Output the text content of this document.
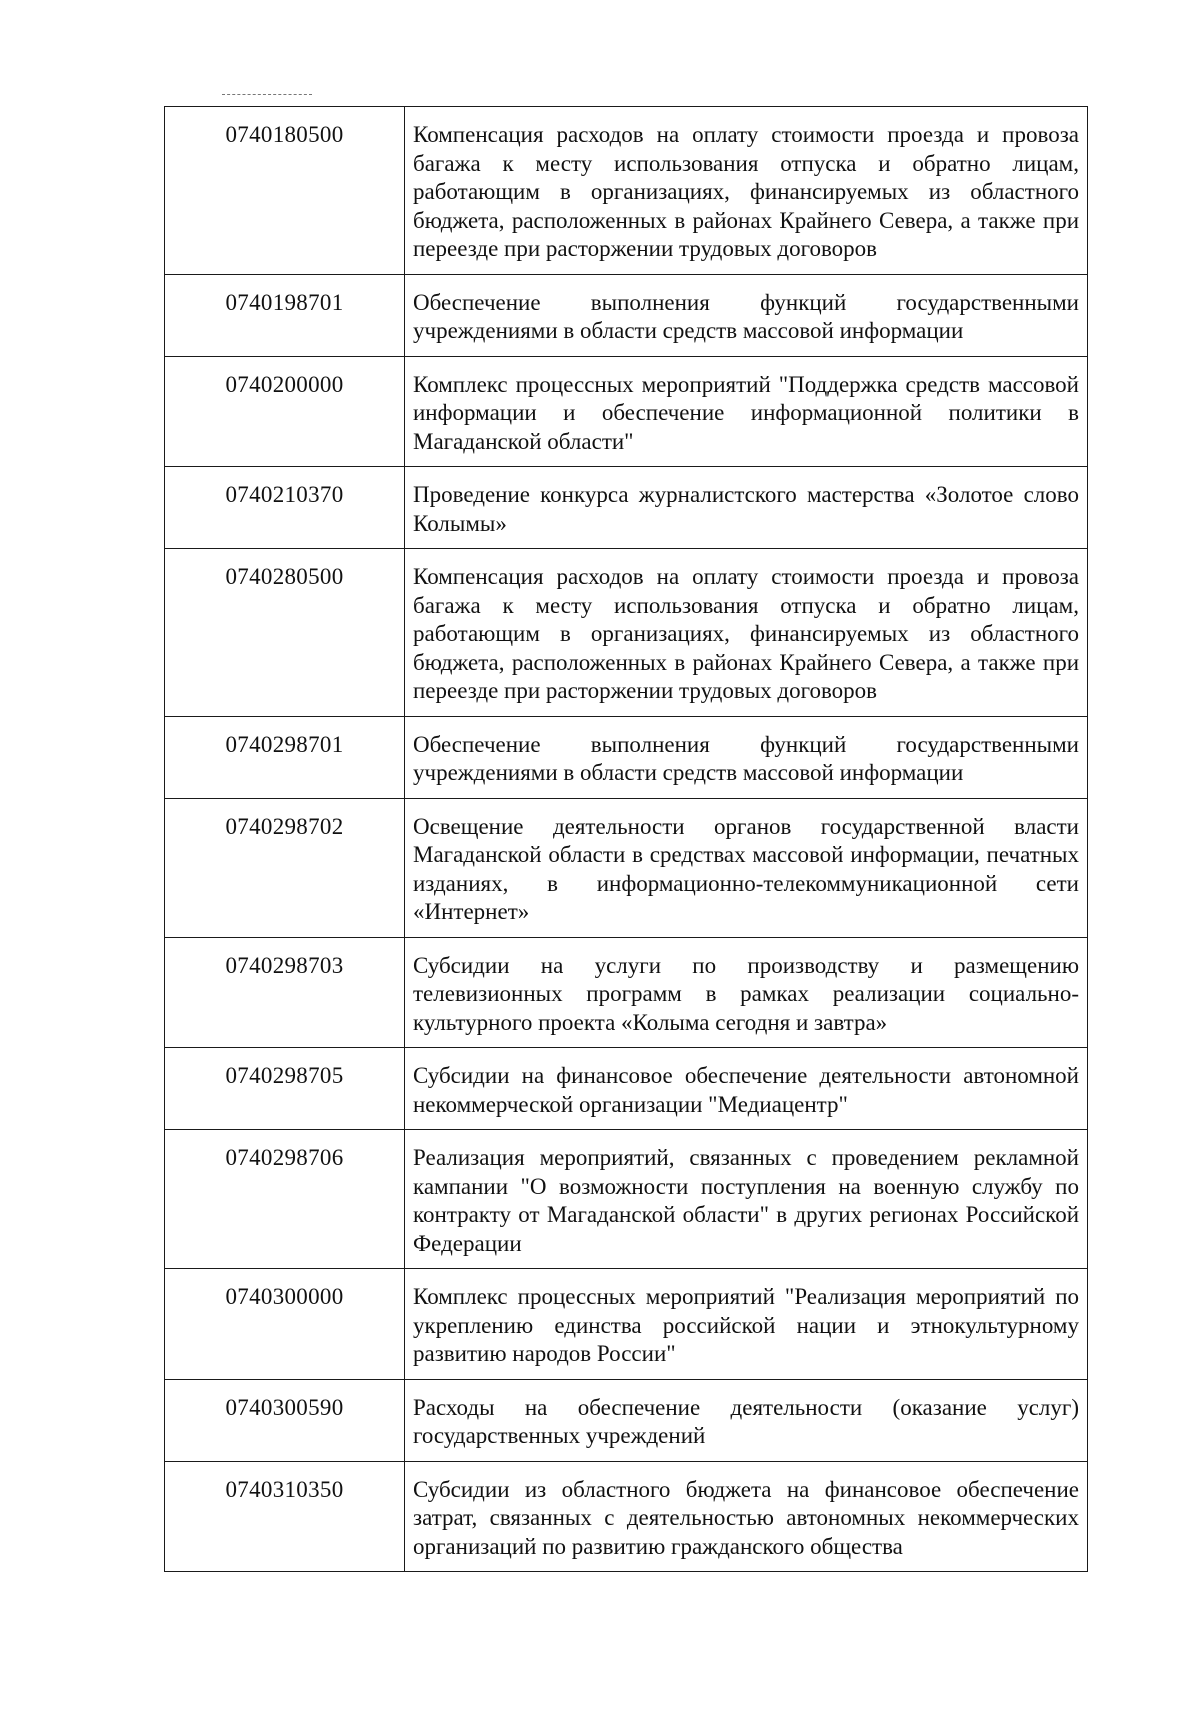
0740180500	Компенсация расходов на оплату стоимости проезда и провоза багажа к месту использования отпуска и обратно лицам, работающим в организациях, финансируемых из областного бюджета, расположенных в районах Крайнего Севера, а также при переезде при расторжении трудовых договоров
0740198701	Обеспечение выполнения функций государственными учреждениями в области средств массовой информации
0740200000	Комплекс процессных мероприятий "Поддержка средств массовой информации и обеспечение информационной политики в Магаданской области"
0740210370	Проведение конкурса журналистского мастерства «Золотое слово Колымы»
0740280500	Компенсация расходов на оплату стоимости проезда и провоза багажа к месту использования отпуска и обратно лицам, работающим в организациях, финансируемых из областного бюджета, расположенных в районах Крайнего Севера, а также при переезде при расторжении трудовых договоров
0740298701	Обеспечение выполнения функций государственными учреждениями в области средств массовой информации
0740298702	Освещение деятельности органов государственной власти Магаданской области в средствах массовой информации, печатных изданиях, в информационно-телекоммуникационной сети «Интернет»
0740298703	Субсидии на услуги по производству и размещению телевизионных программ в рамках реализации социально-культурного проекта «Колыма сегодня и завтра»
0740298705	Субсидии на финансовое обеспечение деятельности автономной некоммерческой организации "Медиацентр"
0740298706	Реализация мероприятий, связанных с проведением рекламной кампании "О возможности поступления на военную службу по контракту от Магаданской области" в других регионах Российской Федерации
0740300000	Комплекс процессных мероприятий "Реализация мероприятий по укреплению единства российской нации и этнокультурному развитию народов России"
0740300590	Расходы на обеспечение деятельности (оказание услуг) государственных учреждений
0740310350	Субсидии из областного бюджета на финансовое обеспечение затрат, связанных с деятельностью автономных некоммерческих организаций по развитию гражданского общества
